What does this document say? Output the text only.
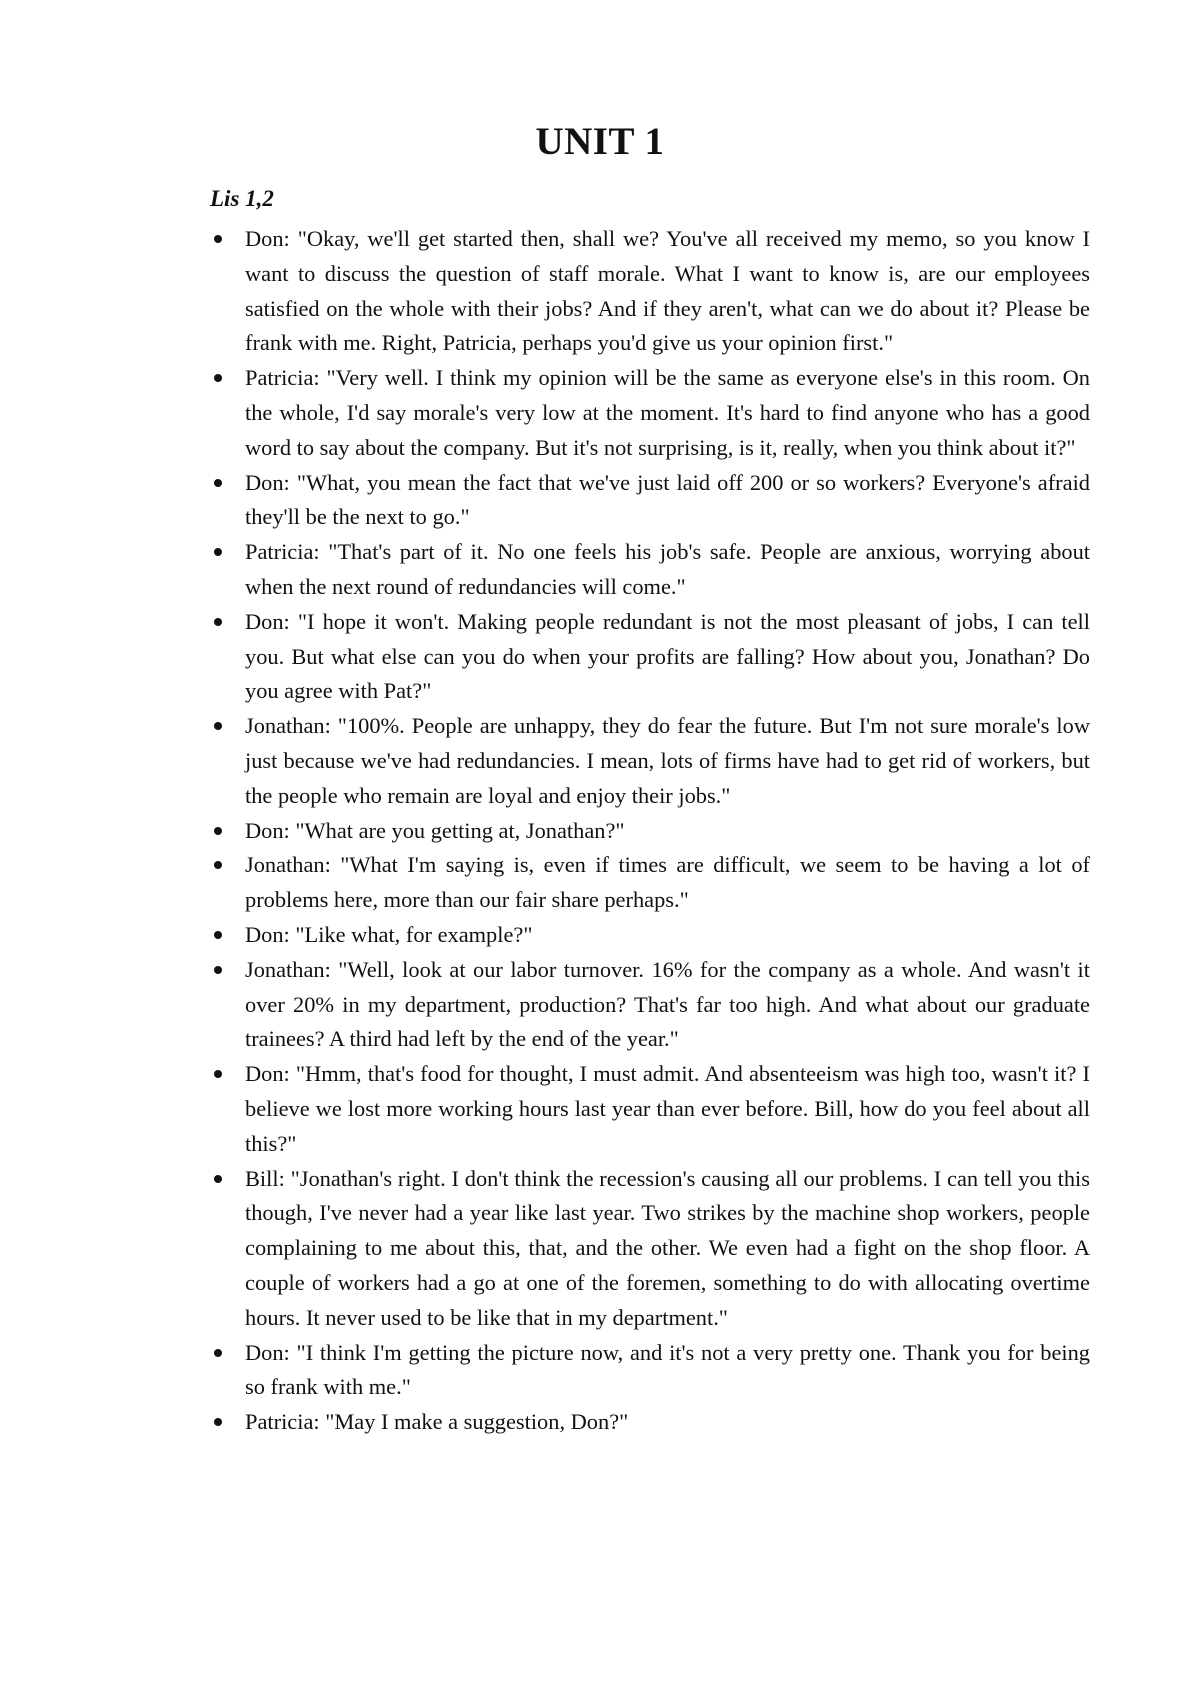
UNIT 1
Lis 1,2
Don: "Okay, we'll get started then, shall we? You've all received my memo, so you know I want to discuss the question of staff morale. What I want to know is, are our employees satisfied on the whole with their jobs? And if they aren't, what can we do about it? Please be frank with me. Right, Patricia, perhaps you'd give us your opinion first."
Patricia: "Very well. I think my opinion will be the same as everyone else's in this room. On the whole, I'd say morale's very low at the moment. It's hard to find anyone who has a good word to say about the company. But it's not surprising, is it, really, when you think about it?"
Don: "What, you mean the fact that we've just laid off 200 or so workers? Everyone's afraid they'll be the next to go."
Patricia: "That's part of it. No one feels his job's safe. People are anxious, worrying about when the next round of redundancies will come."
Don: "I hope it won't. Making people redundant is not the most pleasant of jobs, I can tell you. But what else can you do when your profits are falling? How about you, Jonathan? Do you agree with Pat?"
Jonathan: "100%. People are unhappy, they do fear the future. But I'm not sure morale's low just because we've had redundancies. I mean, lots of firms have had to get rid of workers, but the people who remain are loyal and enjoy their jobs."
Don: "What are you getting at, Jonathan?"
Jonathan: "What I'm saying is, even if times are difficult, we seem to be having a lot of problems here, more than our fair share perhaps."
Don: "Like what, for example?"
Jonathan: "Well, look at our labor turnover. 16% for the company as a whole. And wasn't it over 20% in my department, production? That's far too high. And what about our graduate trainees? A third had left by the end of the year."
Don: "Hmm, that's food for thought, I must admit. And absenteeism was high too, wasn't it? I believe we lost more working hours last year than ever before. Bill, how do you feel about all this?"
Bill: "Jonathan's right. I don't think the recession's causing all our problems. I can tell you this though, I've never had a year like last year. Two strikes by the machine shop workers, people complaining to me about this, that, and the other. We even had a fight on the shop floor. A couple of workers had a go at one of the foremen, something to do with allocating overtime hours. It never used to be like that in my department."
Don: "I think I'm getting the picture now, and it's not a very pretty one. Thank you for being so frank with me."
Patricia: "May I make a suggestion, Don?"
